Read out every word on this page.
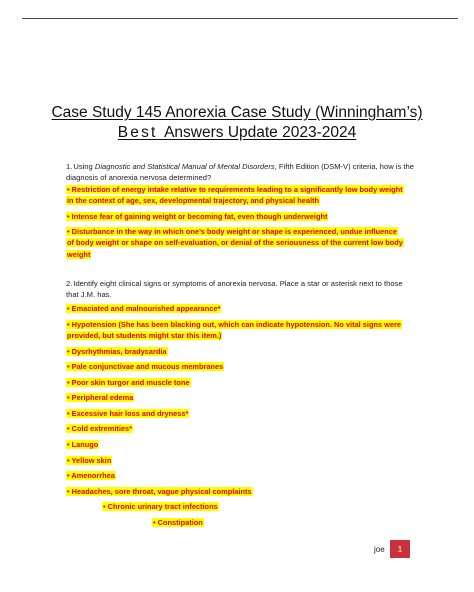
Case Study 145 Anorexia Case Study (Winningham’s)
Best Answers Update 2023-2024
1.Using Diagnostic and Statistical Manual of Mental Disorders, Fifth Edition (DSM-V) criteria, how is the diagnosis of anorexia nervosa determined?
• Restriction of energy intake relative to requirements leading to a significantly low body weight in the context of age, sex, developmental trajectory, and physical health
• Intense fear of gaining weight or becoming fat, even though underweight
• Disturbance in the way in which one’s body weight or shape is experienced, undue influence of body weight or shape on self-evaluation, or denial of the seriousness of the current low body weight
2.Identify eight clinical signs or symptoms of anorexia nervosa. Place a star or asterisk next to those that J.M. has.
• Emaciated and malnourished appearance*
• Hypotension (She has been blacking out, which can indicate hypotension. No vital signs were provided, but students might star this item.)
• Dysrhythmias, bradycardia
• Pale conjunctivae and mucous membranes
• Poor skin turgor and muscle tone
• Peripheral edema
• Excessive hair loss and dryness*
• Cold extremities*
• Lanugo
• Yellow skin
• Amenorrhea
• Headaches, sore throat, vague physical complaints
• Chronic urinary tract infections
• Constipation
joe	1
